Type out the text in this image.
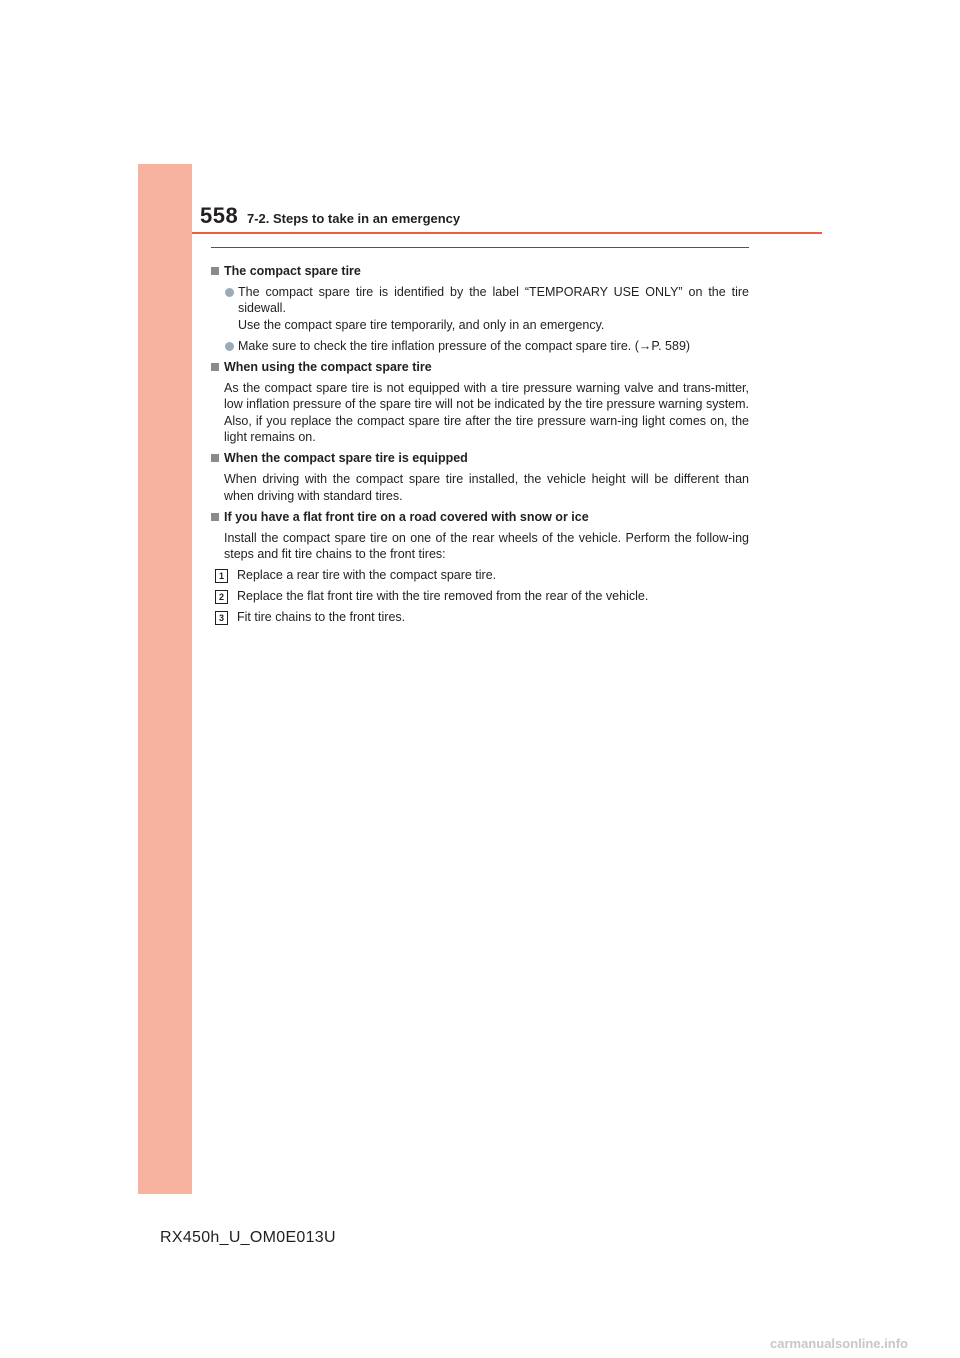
558 7-2. Steps to take in an emergency
The compact spare tire
The compact spare tire is identified by the label “TEMPORARY USE ONLY” on the tire sidewall.
Use the compact spare tire temporarily, and only in an emergency.
Make sure to check the tire inflation pressure of the compact spare tire. (→P. 589)
When using the compact spare tire
As the compact spare tire is not equipped with a tire pressure warning valve and trans-mitter, low inflation pressure of the spare tire will not be indicated by the tire pressure warning system. Also, if you replace the compact spare tire after the tire pressure warn-ing light comes on, the light remains on.
When the compact spare tire is equipped
When driving with the compact spare tire installed, the vehicle height will be different than when driving with standard tires.
If you have a flat front tire on a road covered with snow or ice
Install the compact spare tire on one of the rear wheels of the vehicle. Perform the follow-ing steps and fit tire chains to the front tires:
1	Replace a rear tire with the compact spare tire.
2	Replace the flat front tire with the tire removed from the rear of the vehicle.
3	Fit tire chains to the front tires.
RX450h_U_OM0E013U
carmanualsonline.info
